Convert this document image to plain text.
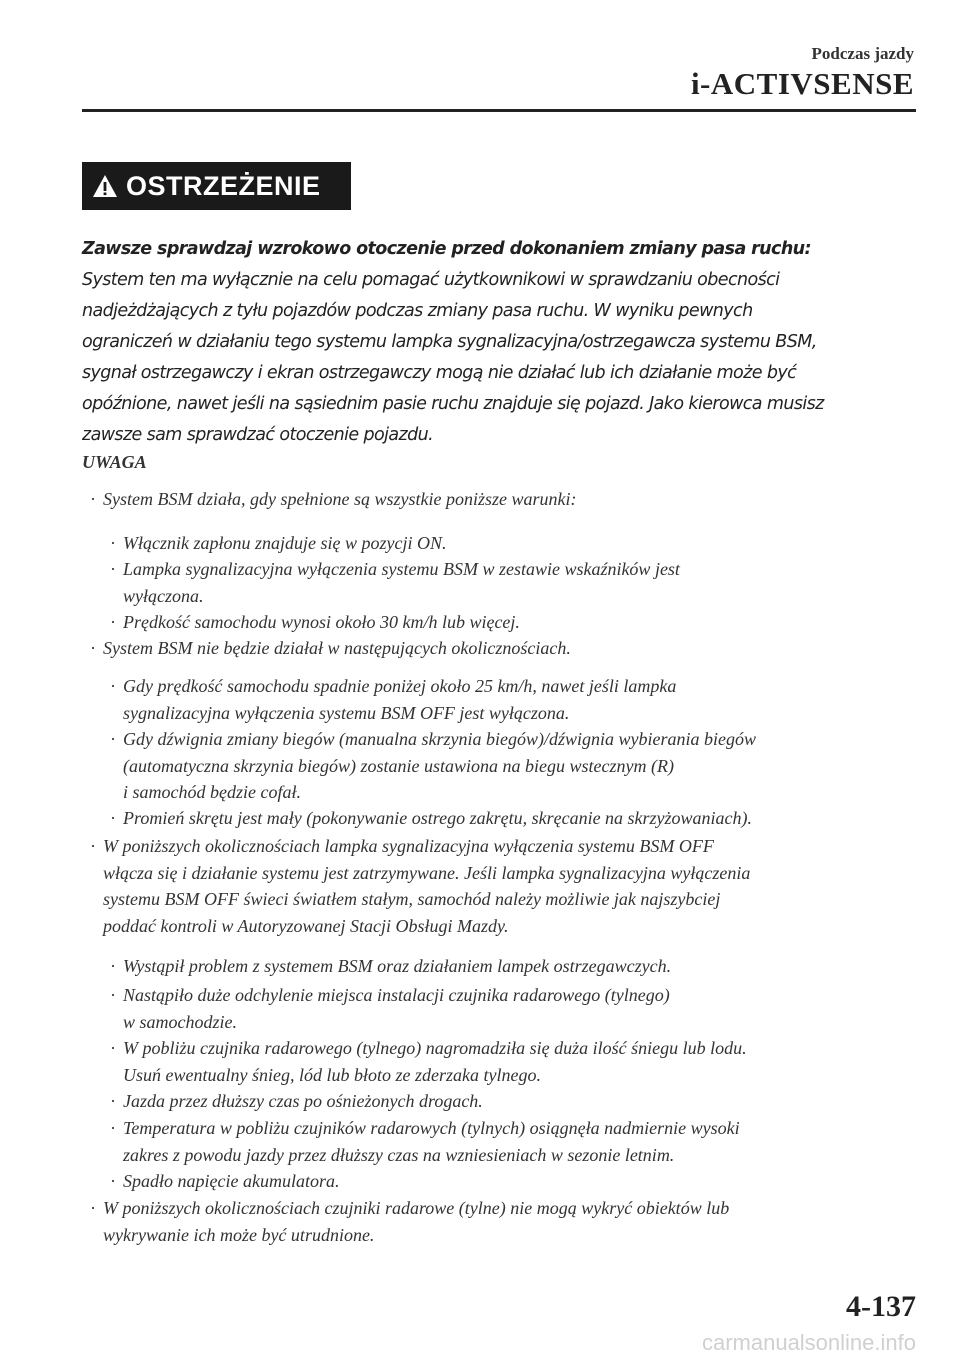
Podczas jazdy
i-ACTIVSENSE
OSTRZEŻENIE
Zawsze sprawdzaj wzrokowo otoczenie przed dokonaniem zmiany pasa ruchu:
System ten ma wyłącznie na celu pomagać użytkownikowi w sprawdzaniu obecności
nadjeżdżających z tyłu pojazdów podczas zmiany pasa ruchu. W wyniku pewnych
ograniczeń w działaniu tego systemu lampka sygnalizacyjna/ostrzegawcza systemu BSM,
sygnał ostrzegawczy i ekran ostrzegawczy mogą nie działać lub ich działanie może być
opóźnione, nawet jeśli na sąsiednim pasie ruchu znajduje się pojazd. Jako kierowca musisz
zawsze sam sprawdzać otoczenie pojazdu.
UWAGA
· System BSM działa, gdy spełnione są wszystkie poniższe warunki:
· Włącznik zapłonu znajduje się w pozycji ON.
· Lampka sygnalizacyjna wyłączenia systemu BSM w zestawie wskaźników jest
wyłączona.
· Prędkość samochodu wynosi około 30 km/h lub więcej.
· System BSM nie będzie działał w następujących okolicznościach.
· Gdy prędkość samochodu spadnie poniżej około 25 km/h, nawet jeśli lampka
sygnalizacyjna wyłączenia systemu BSM OFF jest wyłączona.
· Gdy dźwignia zmiany biegów (manualna skrzynia biegów)/dźwignia wybierania biegów
(automatyczna skrzynia biegów) zostanie ustawiona na biegu wstecznym (R)
i samochód będzie cofał.
· Promień skrętu jest mały (pokonywanie ostrego zakrętu, skręcanie na skrzyżowaniach).
· W poniższych okolicznościach lampka sygnalizacyjna wyłączenia systemu BSM OFF
włącza się i działanie systemu jest zatrzymywane. Jeśli lampka sygnalizacyjna wyłączenia
systemu BSM OFF świeci światłem stałym, samochód należy możliwie jak najszybciej
poddać kontroli w Autoryzowanej Stacji Obsługi Mazdy.
· Wystąpił problem z systemem BSM oraz działaniem lampek ostrzegawczych.
· Nastąpiło duże odchylenie miejsca instalacji czujnika radarowego (tylnego)
w samochodzie.
· W pobliżu czujnika radarowego (tylnego) nagromadziła się duża ilość śniegu lub lodu.
Usuń ewentualny śnieg, lód lub błoto ze zderzaka tylnego.
· Jazda przez dłuższy czas po ośnieżonych drogach.
· Temperatura w pobliżu czujników radarowych (tylnych) osiągnęła nadmiernie wysoki
zakres z powodu jazdy przez dłuższy czas na wzniesieniach w sezonie letnim.
· Spadło napięcie akumulatora.
· W poniższych okolicznościach czujniki radarowe (tylne) nie mogą wykryć obiektów lub
wykrywanie ich może być utrudnione.
4-137
carmanualsonline.info
